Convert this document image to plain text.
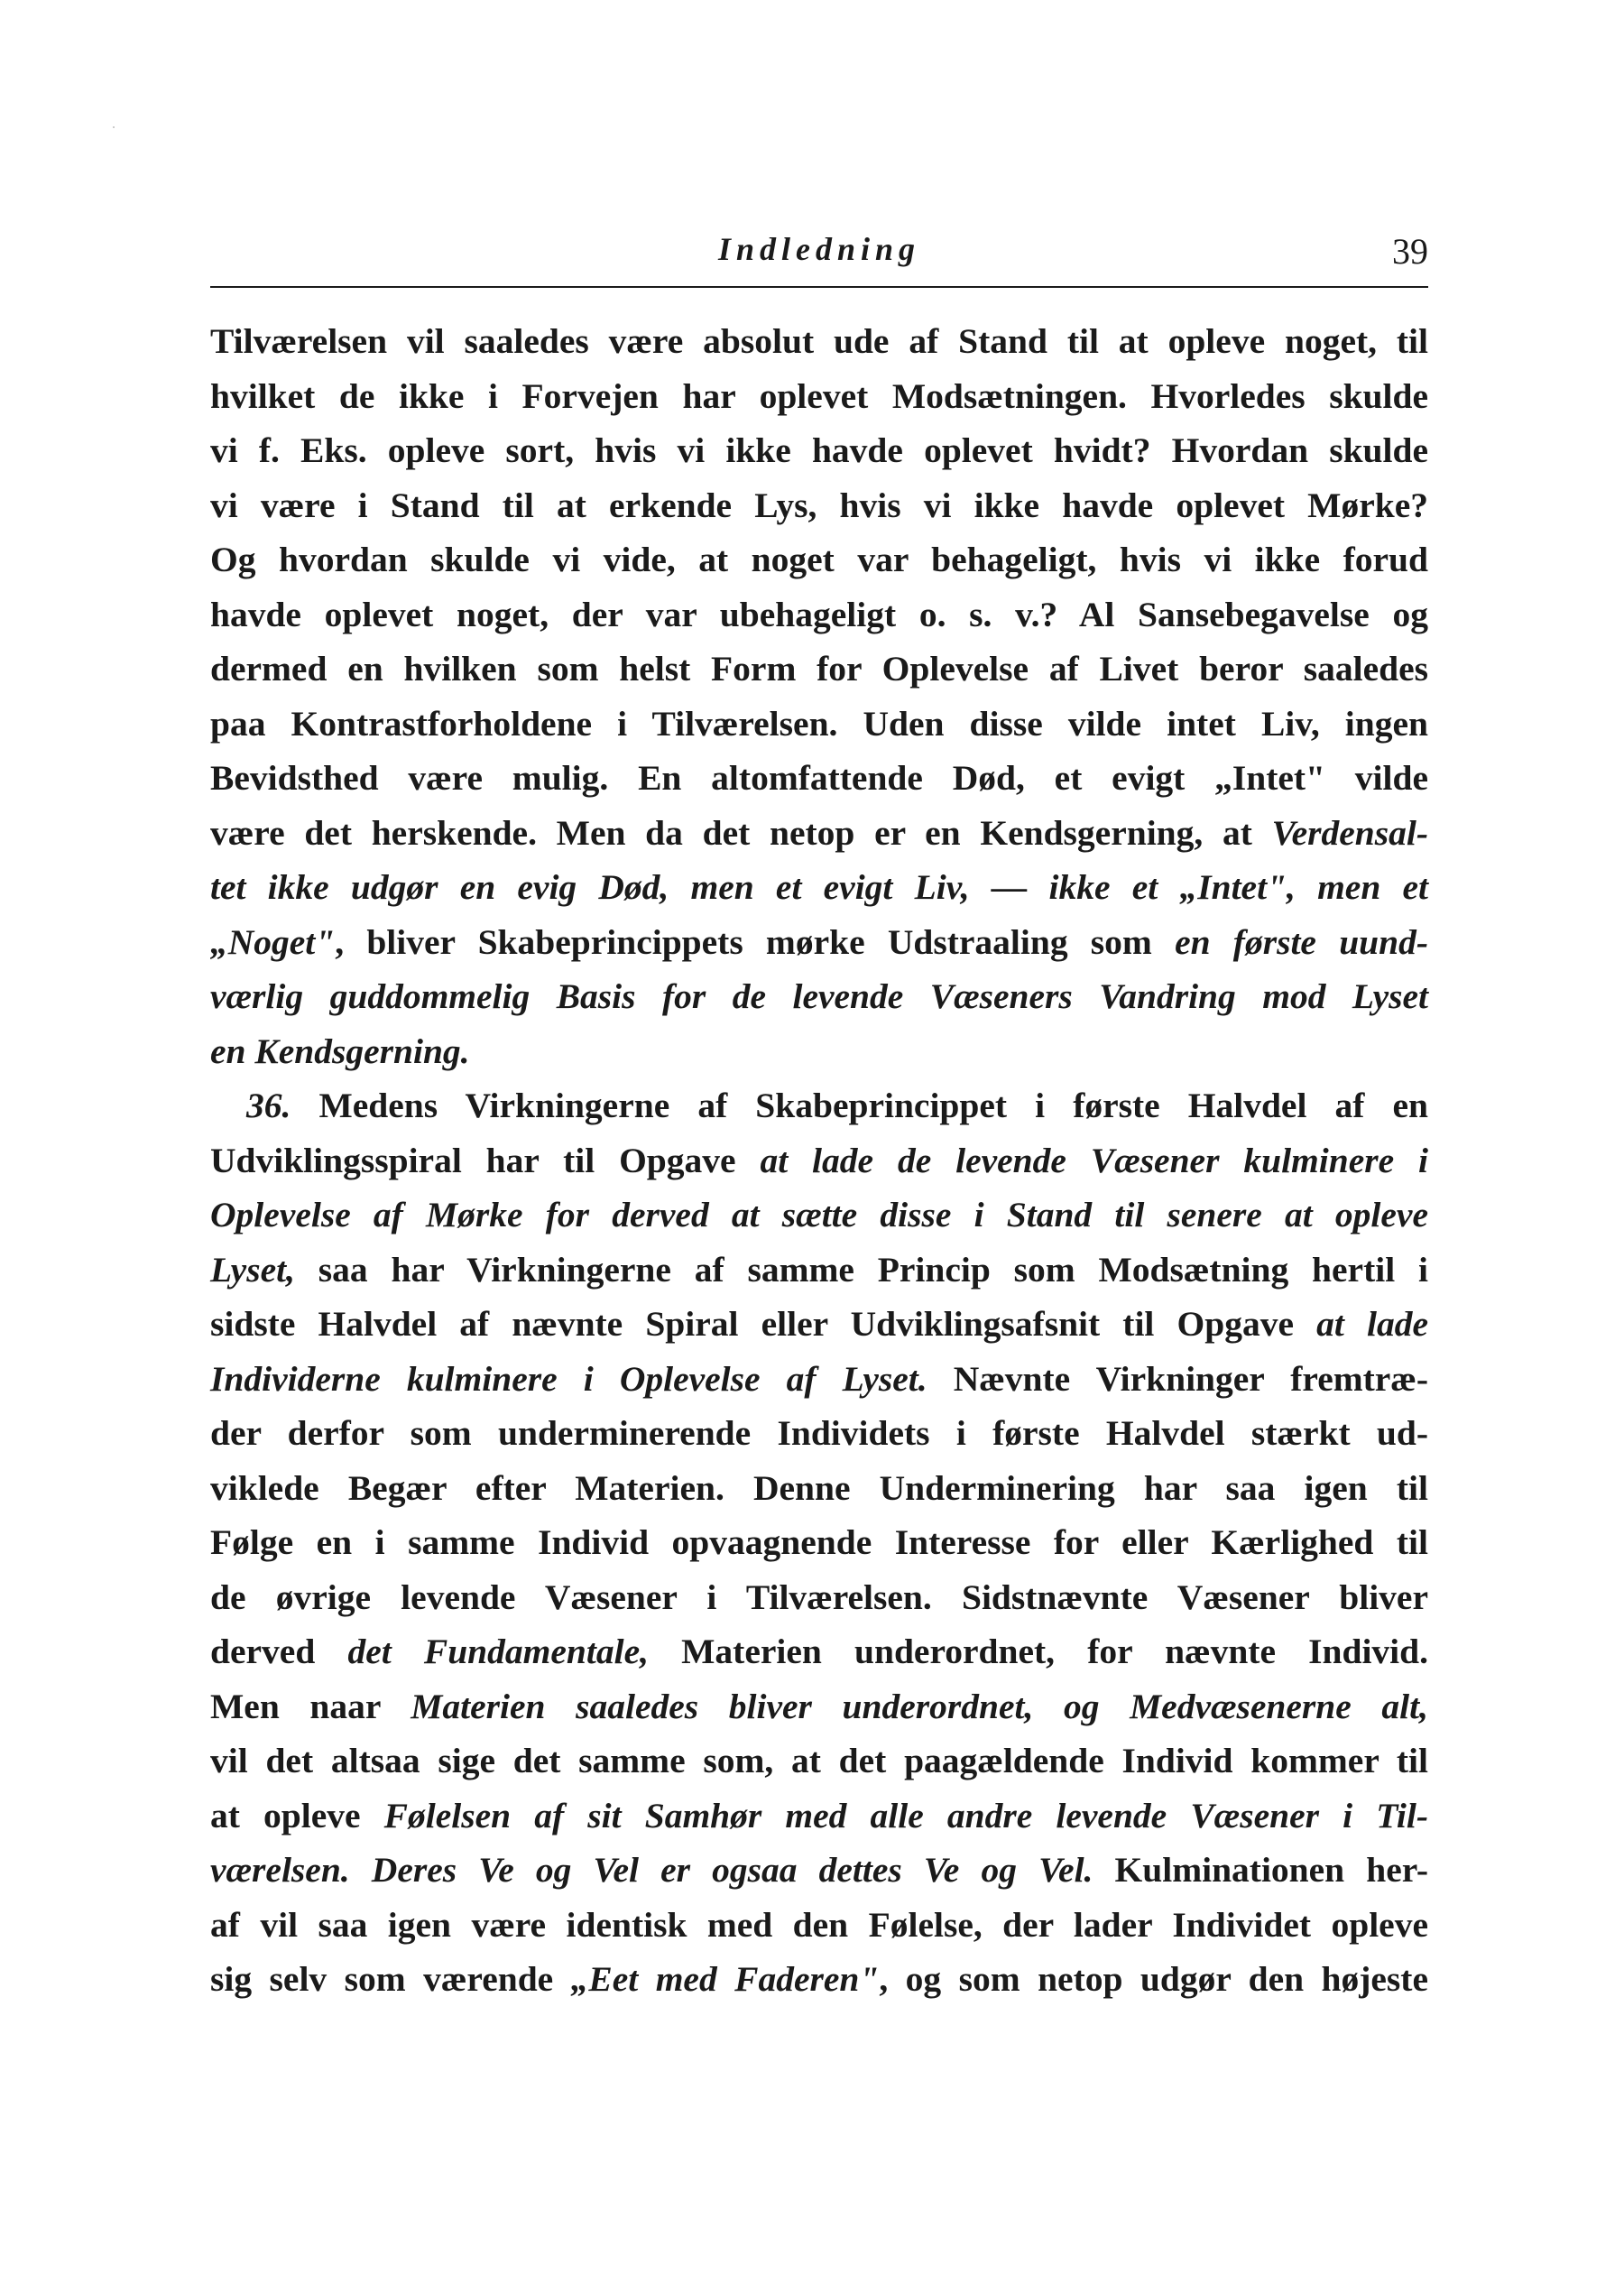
Indledning	39
Tilværelsen vil saaledes være absolut ude af Stand til at opleve noget, til
hvilket de ikke i Forvejen har oplevet Modsætningen. Hvorledes skulde
vi f. Eks. opleve sort, hvis vi ikke havde oplevet hvidt? Hvordan skulde
vi være i Stand til at erkende Lys, hvis vi ikke havde oplevet Mørke?
Og hvordan skulde vi vide, at noget var behageligt, hvis vi ikke forud
havde oplevet noget, der var ubehageligt o. s. v.? Al Sansebegavelse og
dermed en hvilken som helst Form for Oplevelse af Livet beror saaledes
paa Kontrastforholdene i Tilværelsen. Uden disse vilde intet Liv, ingen
Bevidsthed være mulig. En altomfattende Død, et evigt „Intet" vilde
være det herskende. Men da det netop er en Kendsgerning, at Verdensal-
tet ikke udgør en evig Død, men et evigt Liv, — ikke et „Intet", men et
„Noget", bliver Skabeprincippets mørke Udstraaling som en første uund-
værlig guddommelig Basis for de levende Væseners Vandring mod Lyset
en Kendsgerning.
36. Medens Virkningerne af Skabeprincippet i første Halvdel af en
Udviklingsspiral har til Opgave at lade de levende Væsener kulminere i
Oplevelse af Mørke for derved at sætte disse i Stand til senere at opleve
Lyset, saa har Virkningerne af samme Princip som Modsætning hertil i
sidste Halvdel af nævnte Spiral eller Udviklingsafsnit til Opgave at lade
Individerne kulminere i Oplevelse af Lyset. Nævnte Virkninger fremtræ-
der derfor som underminerende Individets i første Halvdel stærkt ud-
viklede Begær efter Materien. Denne Underminering har saa igen til
Følge en i samme Individ opvaagnende Interesse for eller Kærlighed til
de øvrige levende Væsener i Tilværelsen. Sidstnævnte Væsener bliver
derved det Fundamentale, Materien underordnet, for nævnte Individ.
Men naar Materien saaledes bliver underordnet, og Medvæsenerne alt,
vil det altsaa sige det samme som, at det paagældende Individ kommer til
at opleve Følelsen af sit Samhør med alle andre levende Væsener i Til-
værelsen. Deres Ve og Vel er ogsaa dettes Ve og Vel. Kulminationen her-
af vil saa igen være identisk med den Følelse, der lader Individet opleve
sig selv som værende „Eet med Faderen", og som netop udgør den højeste
